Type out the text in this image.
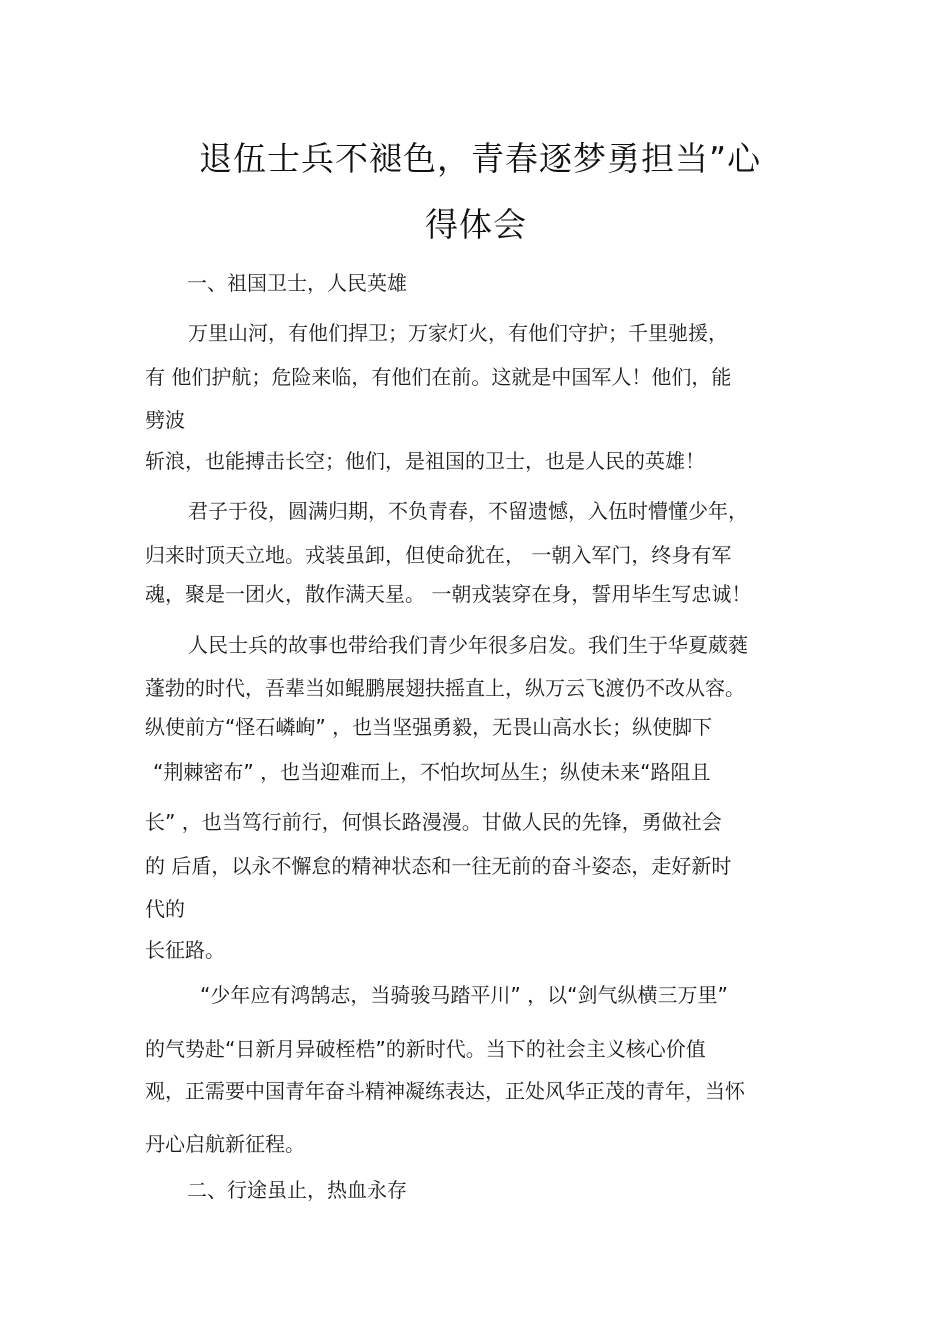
退伍士兵不褪色，青春逐梦勇担当”心
得体会
一、祖国卫士，人民英雄
万里山河，有他们捍卫；万家灯火，有他们守护；千里驰援，
有 他们护航；危险来临，有他们在前。这就是中国军人！他们，能
劈波
斩浪，也能搏击长空；他们，是祖国的卫士，也是人民的英雄！
君子于役，圆满归期，不负青春，不留遗憾，入伍时懵懂少年，
归来时顶天立地。戎装虽卸，但使命犹在， 一朝入军门，终身有军
魂，聚是一团火，散作满天星。 一朝戎装穿在身，誓用毕生写忠诚！
人民士兵的故事也带给我们青少年很多启发。我们生于华夏葳蕤
蓬勃的时代，吾辈当如鲲鹏展翅扶摇直上，纵万云飞渡仍不改从容。
纵使前方“怪石嶙峋” ，也当坚强勇毅，无畏山高水长；纵使脚下
“荆棘密布” ，也当迎难而上，不怕坎坷丛生；纵使未来“路阻且
长” ，也当笃行前行，何惧长路漫漫。甘做人民的先锋，勇做社会
的 后盾，以永不懈怠的精神状态和一往无前的奋斗姿态，走好新时
代的
长征路。
“少年应有鸿鹄志，当骑骏马踏平川” ，以“剑气纵横三万里”
的气势赴“日新月异破桎梏”的新时代。当下的社会主义核心价值
观，正需要中国青年奋斗精神凝练表达，正处风华正茂的青年，当怀
丹心启航新征程。
二、行途虽止，热血永存
